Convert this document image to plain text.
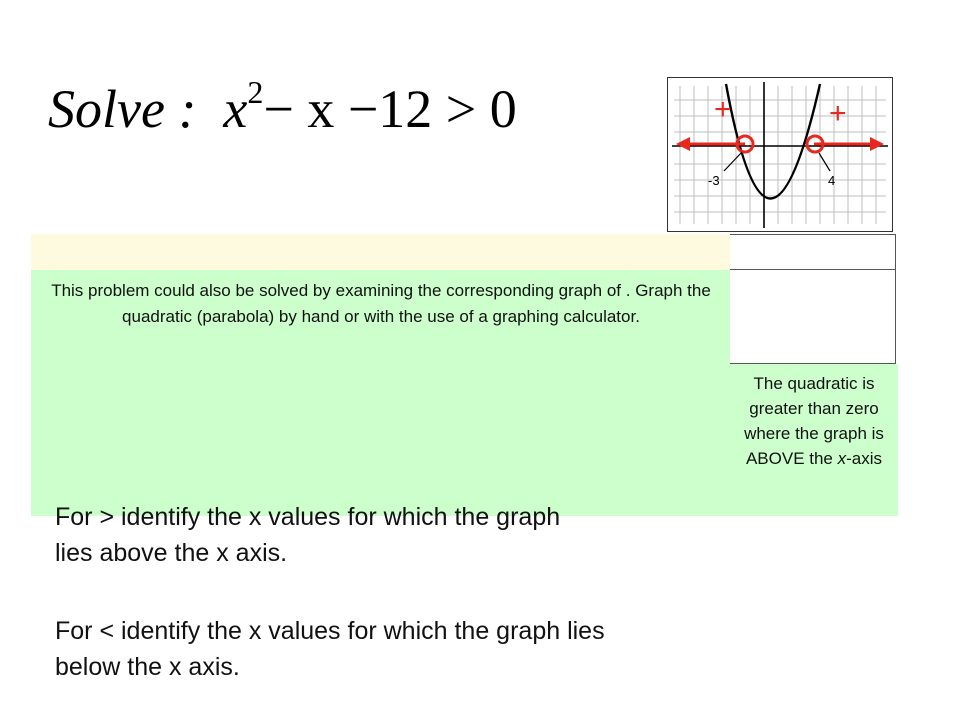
Solve : $x^2- x -12 > 0$	+	+
-3	4
This problem could also be solved by examining the corresponding graph of . Graph the quadratic (parabola) by hand or with the use of a graphing calculator.
The quadratic is greater than zero where the graph is ABOVE the x-axis
For > identify the x values for which the graph lies above the x axis.
For < identify the x values for which the graph lies below the x axis.
